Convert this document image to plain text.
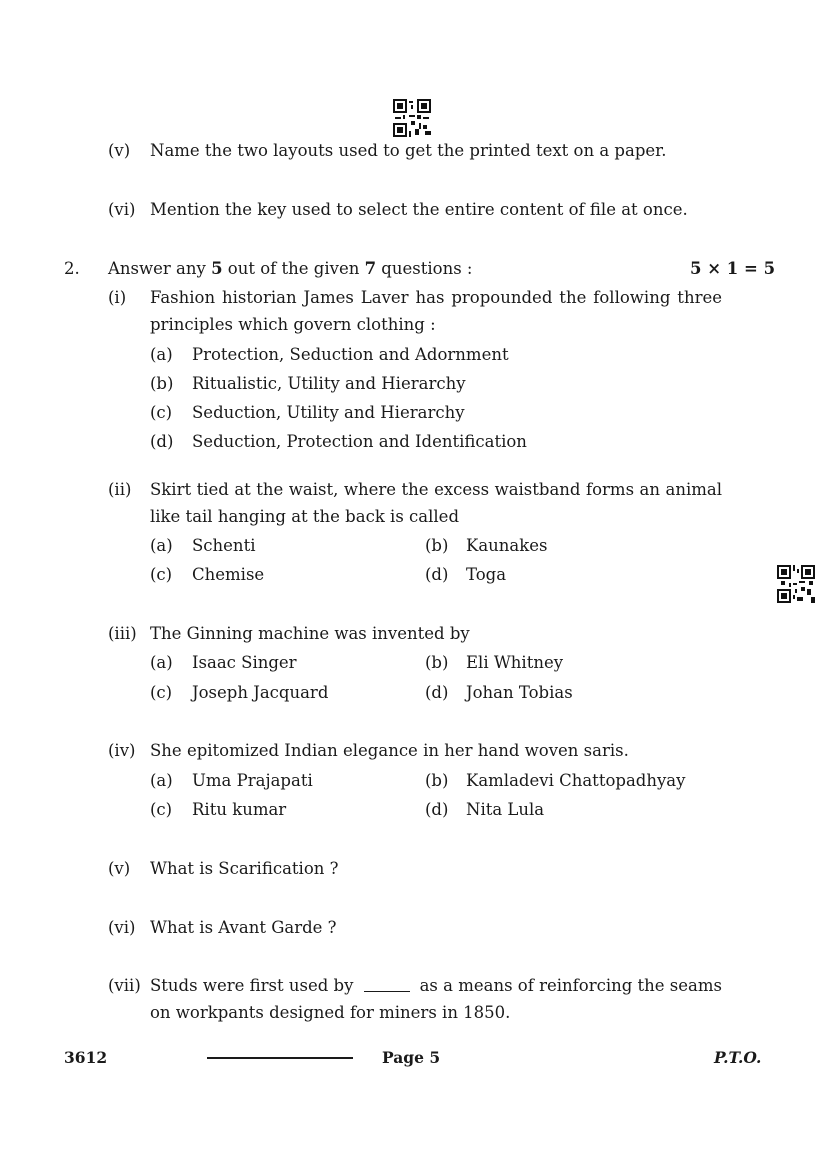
(v) Name the two layouts used to get the printed text on a paper.
(vi) Mention the key used to select the entire content of file at once.
2. Answer any 5 out of the given 7 questions :	5 × 1 = 5
(i) Fashion historian James Laver has propounded the following three
principles which govern clothing :
(a) Protection, Seduction and Adornment
(b) Ritualistic, Utility and Hierarchy
(c) Seduction, Utility and Hierarchy
(d) Seduction, Protection and Identification
(ii) Skirt tied at the waist, where the excess waistband forms an animal
like tail hanging at the back is called
(a) Schenti	(b) Kaunakes
(c) Chemise	(d) Toga
(iii) The Ginning machine was invented by
(a) Isaac Singer	(b) Eli Whitney
(c) Joseph Jacquard	(d) Johan Tobias
(iv) She epitomized Indian elegance in her hand woven saris.
(a) Uma Prajapati	(b) Kamladevi Chattopadhyay
(c) Ritu kumar	(d) Nita Lula
(v) What is Scarification ?
(vi) What is Avant Garde ?
(vii) Studs were first used by	as a means of reinforcing the seams
on workpants designed for miners in 1850.
3612	Page 5	P.T.O.
